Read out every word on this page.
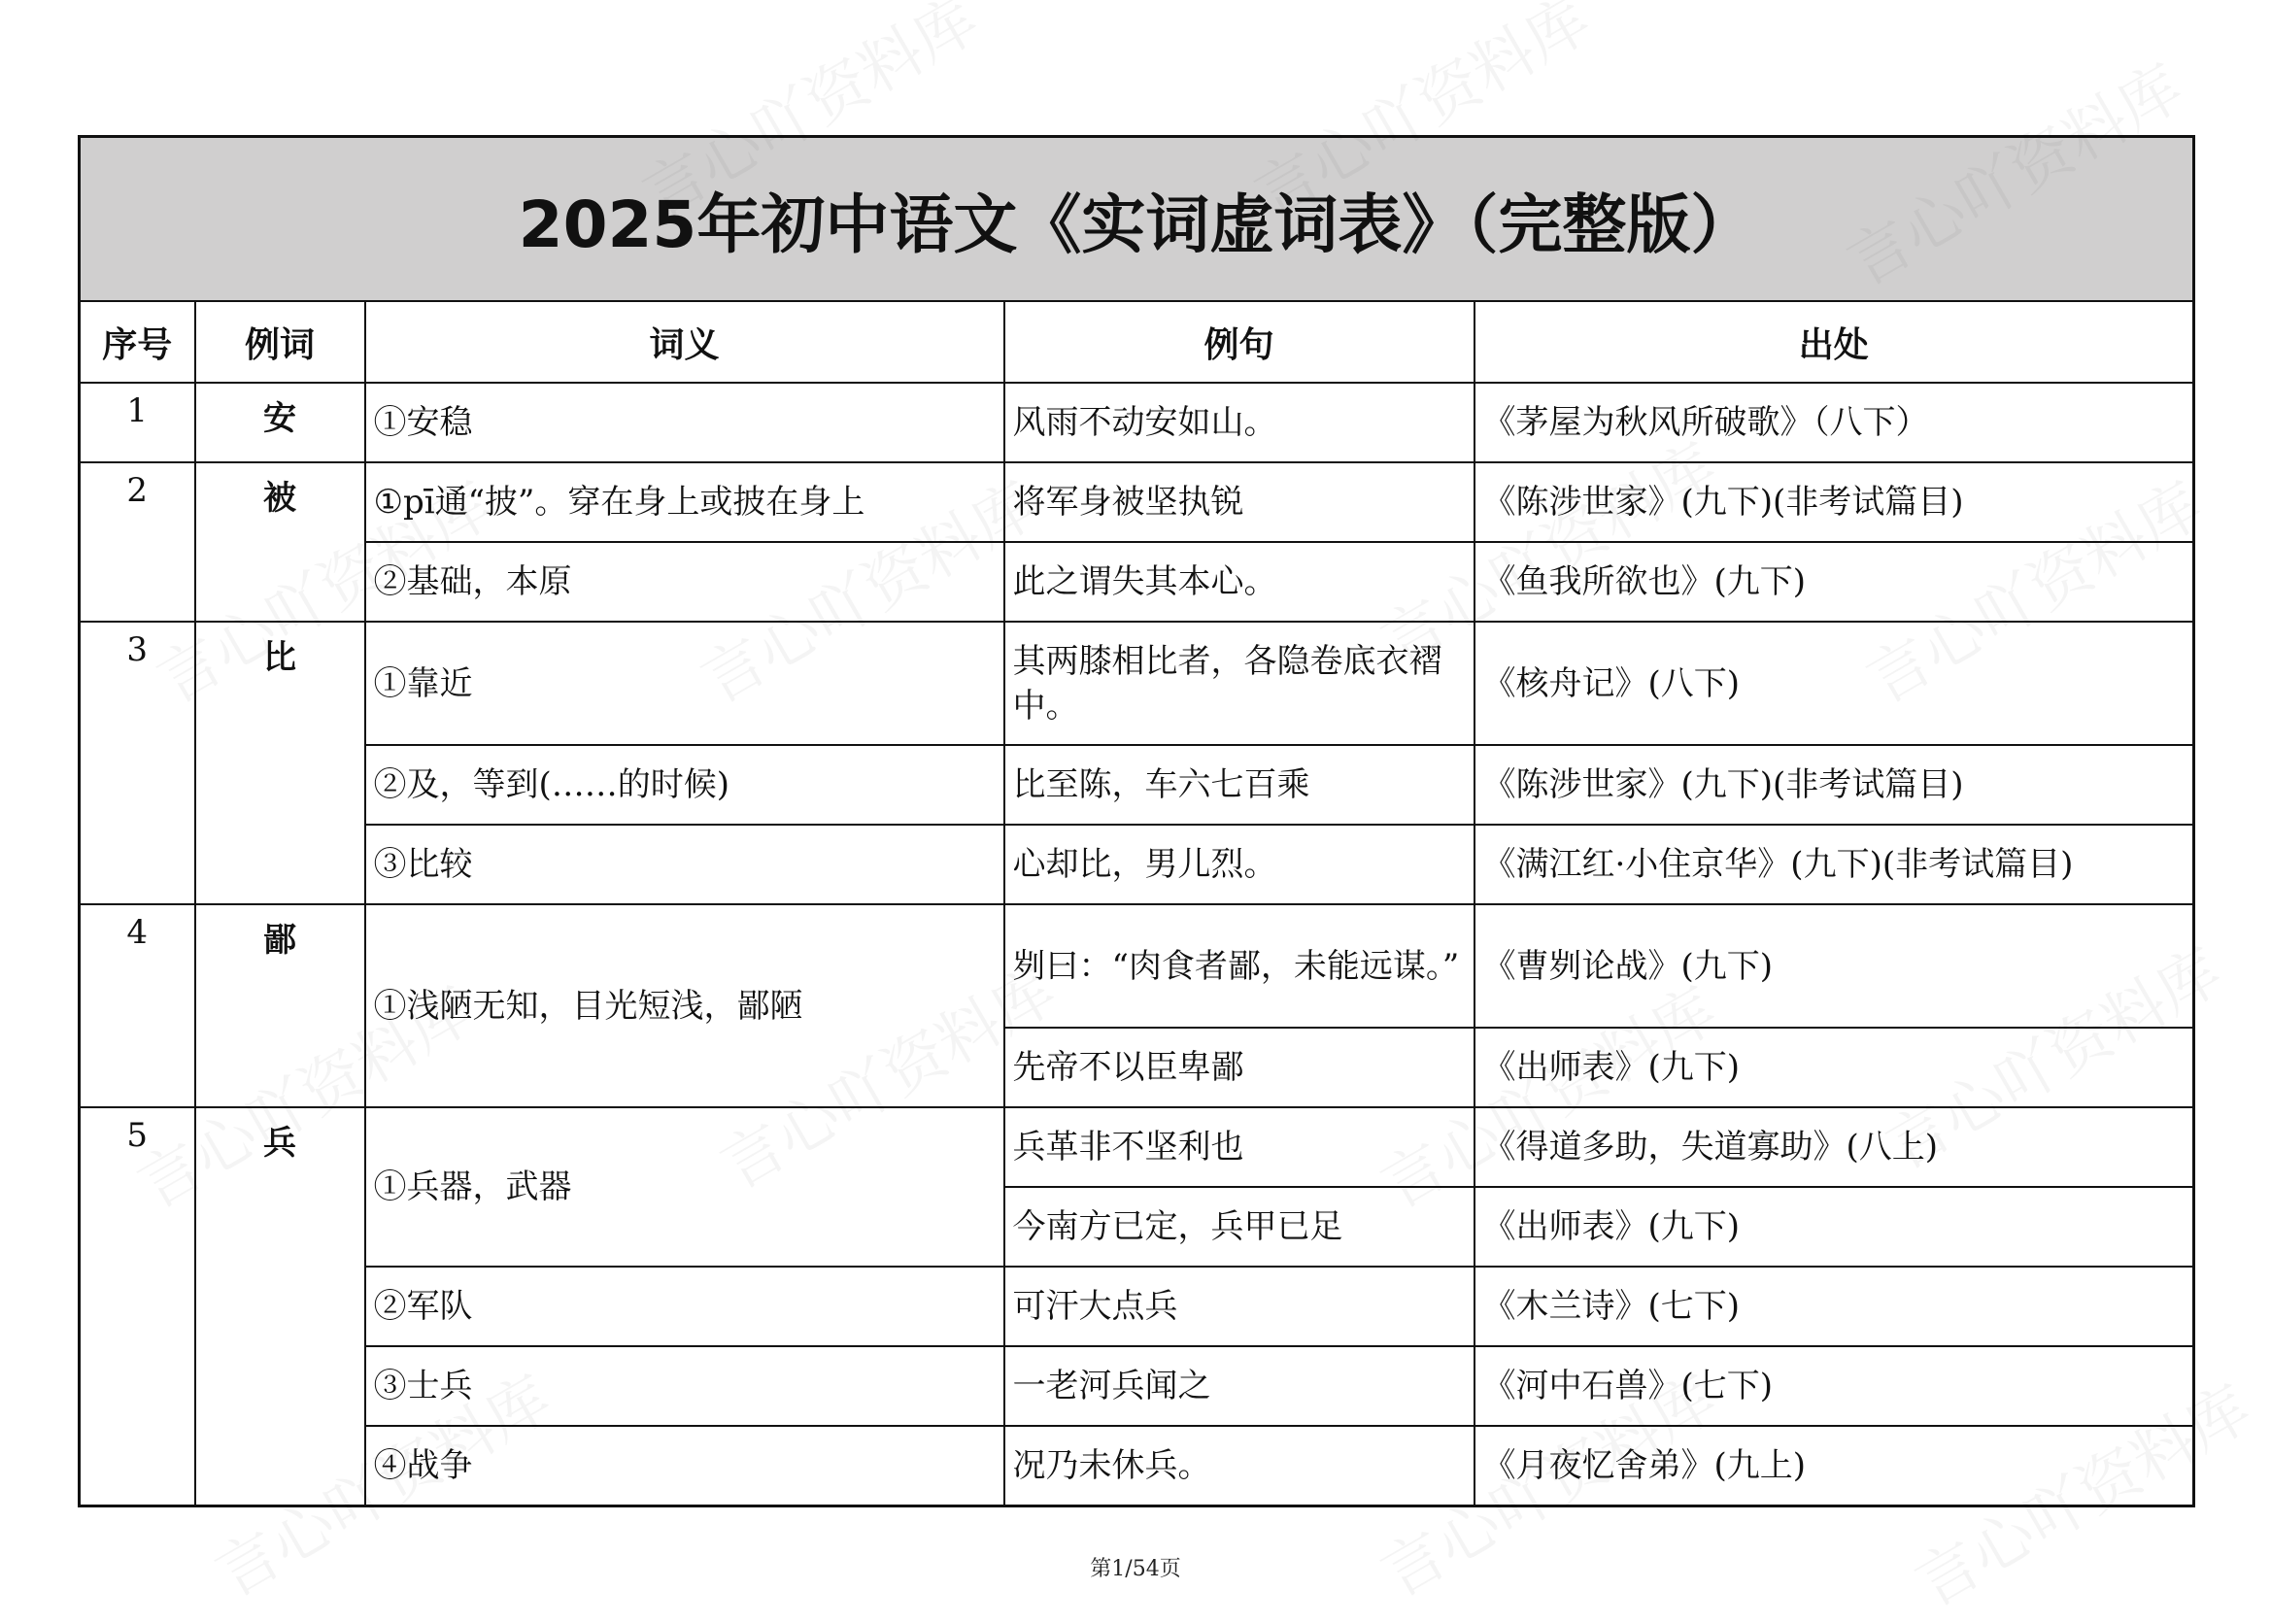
2025年初中语文《实词虚词表》（完整版）				
序号	例词	词义	例句	出处
1	安	①安稳	风雨不动安如山。	《茅屋为秋风所破歌》（八下）
2	被	①pī通“披”。穿在身上或披在身上	将军身被坚执锐	《陈涉世家》(九下)(非考试篇目)
		②基础，本原	此之谓失其本心。	《鱼我所欲也》(九下)
3	比	①靠近	其两膝相比者，各隐卷底衣褶中。	《核舟记》(八下)
		②及，等到(……的时候)	比至陈，车六七百乘	《陈涉世家》(九下)(非考试篇目)
		③比较	心却比，男儿烈。	《满江红·小住京华》(九下)(非考试篇目)
4	鄙	①浅陋无知，目光短浅，鄙陋	刿曰：“肉食者鄙，未能远谋。”	《曹刿论战》(九下)
			先帝不以臣卑鄙	《出师表》(九下)
5	兵	①兵器，武器	兵革非不坚利也	《得道多助，失道寡助》(八上)
			今南方已定，兵甲已足	《出师表》(九下)
		②军队	可汗大点兵	《木兰诗》(七下)
		③士兵	一老河兵闻之	《河中石兽》(七下)
		④战争	况乃未休兵。	《月夜忆舍弟》(九上)
第1/54页
